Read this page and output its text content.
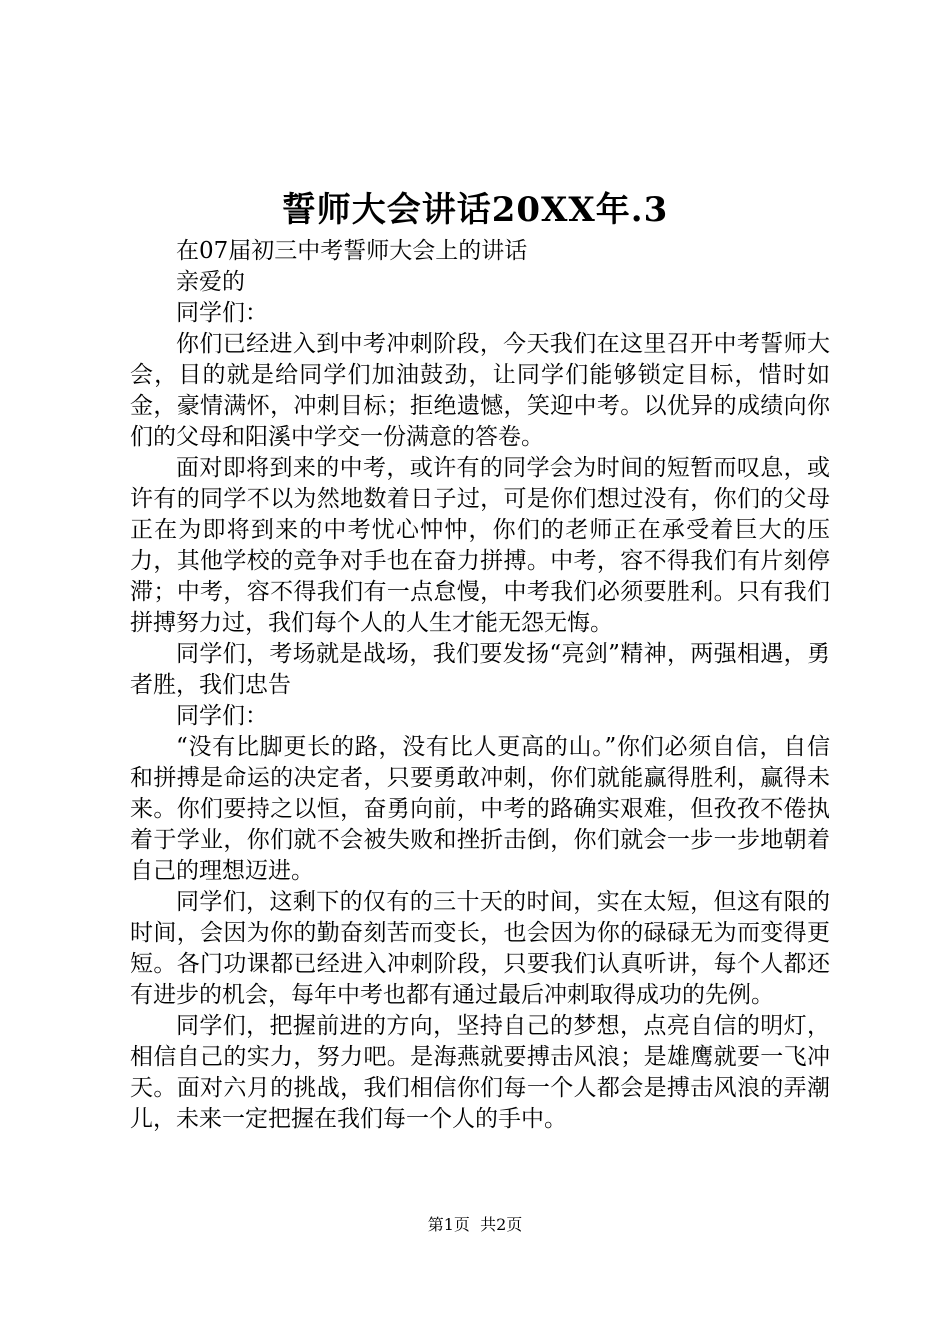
誓师大会讲话20XX年.3

在07届初三中考誓师大会上的讲话

亲爱的

同学们：

你们已经进入到中考冲刺阶段，今天我们在这里召开中考誓师大会，目的就是给同学们加油鼓劲，让同学们能够锁定目标，惜时如金，豪情满怀，冲刺目标；拒绝遗憾，笑迎中考。以优异的成绩向你们的父母和阳溪中学交一份满意的答卷。

面对即将到来的中考，或许有的同学会为时间的短暂而叹息，或许有的同学不以为然地数着日子过，可是你们想过没有，你们的父母正在为即将到来的中考忧心忡忡，你们的老师正在承受着巨大的压力，其他学校的竞争对手也在奋力拼搏。中考，容不得我们有片刻停滞；中考，容不得我们有一点怠慢，中考我们必须要胜利。只有我们拼搏努力过，我们每个人的人生才能无怨无悔。

同学们，考场就是战场，我们要发扬“亮剑”精神，两强相遇，勇者胜，我们忠告

同学们：

“没有比脚更长的路，没有比人更高的山。”你们必须自信，自信和拼搏是命运的决定者，只要勇敢冲刺，你们就能赢得胜利，赢得未来。你们要持之以恒，奋勇向前，中考的路确实艰难，但孜孜不倦执着于学业，你们就不会被失败和挫折击倒，你们就会一步一步地朝着自己的理想迈进。

同学们，这剩下的仅有的三十天的时间，实在太短，但这有限的时间，会因为你的勤奋刻苦而变长，也会因为你的碌碌无为而变得更短。各门功课都已经进入冲刺阶段，只要我们认真听讲，每个人都还有进步的机会，每年中考也都有通过最后冲刺取得成功的先例。

同学们，把握前进的方向，坚持自己的梦想，点亮自信的明灯，相信自己的实力，努力吧。是海燕就要搏击风浪；是雄鹰就要一飞冲天。面对六月的挑战，我们相信你们每一个人都会是搏击风浪的弄潮儿，未来一定把握在我们每一个人的手中。

第1页 共2页
